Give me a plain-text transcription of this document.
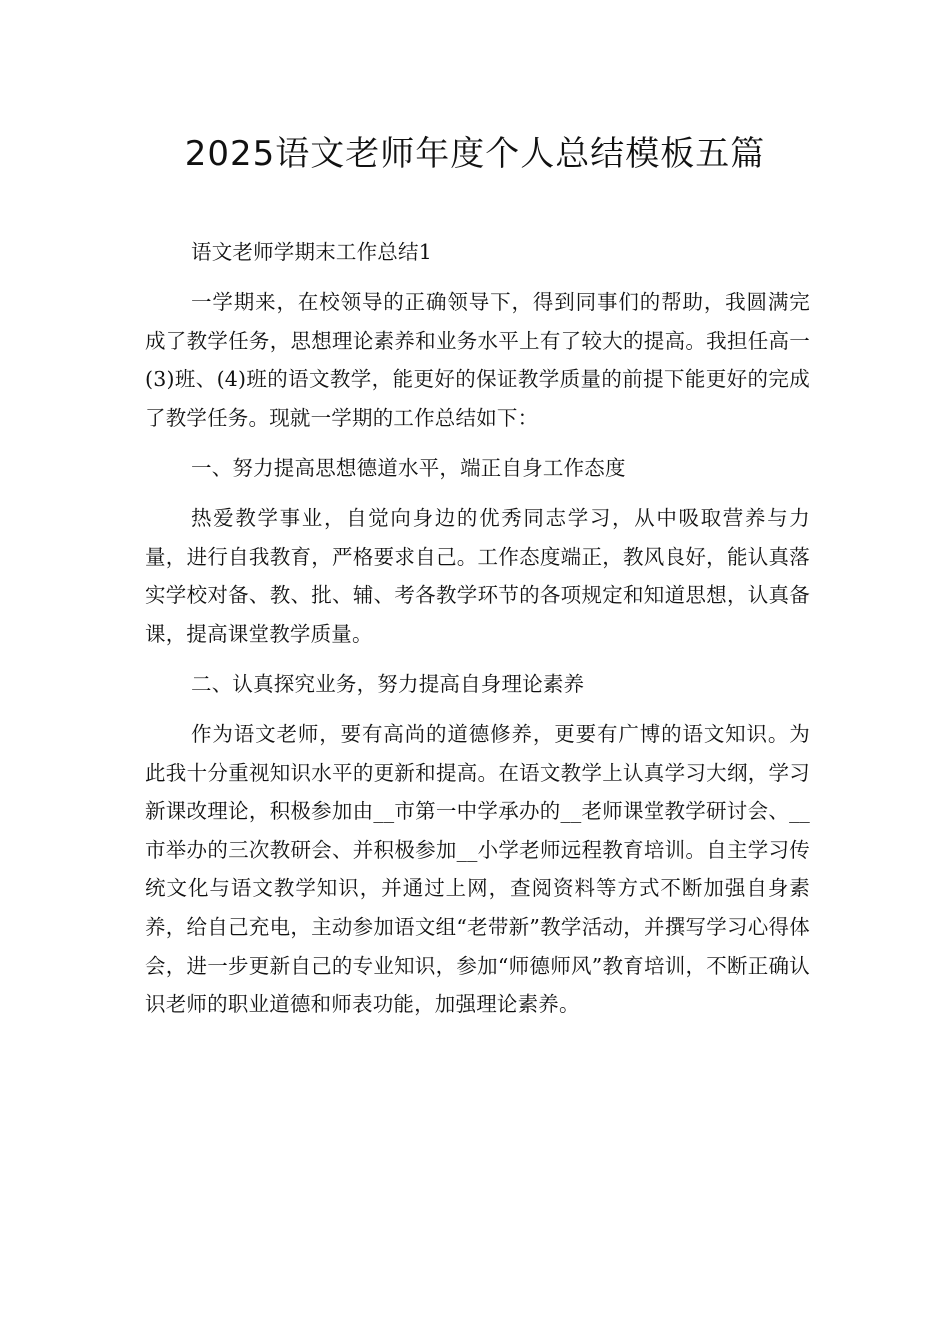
2025语文老师年度个人总结模板五篇

语文老师学期末工作总结1

一学期来，在校领导的正确领导下，得到同事们的帮助，我圆满完成了教学任务，思想理论素养和业务水平上有了较大的提高。我担任高一(3)班、(4)班的语文教学，能更好的保证教学质量的前提下能更好的完成了教学任务。现就一学期的工作总结如下：

一、努力提高思想德道水平，端正自身工作态度

热爱教学事业，自觉向身边的优秀同志学习，从中吸取营养与力量，进行自我教育，严格要求自己。工作态度端正，教风良好，能认真落实学校对备、教、批、辅、考各教学环节的各项规定和知道思想，认真备课，提高课堂教学质量。

二、认真探究业务，努力提高自身理论素养

作为语文老师，要有高尚的道德修养，更要有广博的语文知识。为此我十分重视知识水平的更新和提高。在语文教学上认真学习大纲，学习新课改理论，积极参加由__市第一中学承办的__老师课堂教学研讨会、__市举办的三次教研会、并积极参加__小学老师远程教育培训。自主学习传统文化与语文教学知识，并通过上网，查阅资料等方式不断加强自身素养，给自己充电，主动参加语文组“老带新”教学活动，并撰写学习心得体会，进一步更新自己的专业知识，参加“师德师风”教育培训，不断正确认识老师的职业道德和师表功能，加强理论素养。
